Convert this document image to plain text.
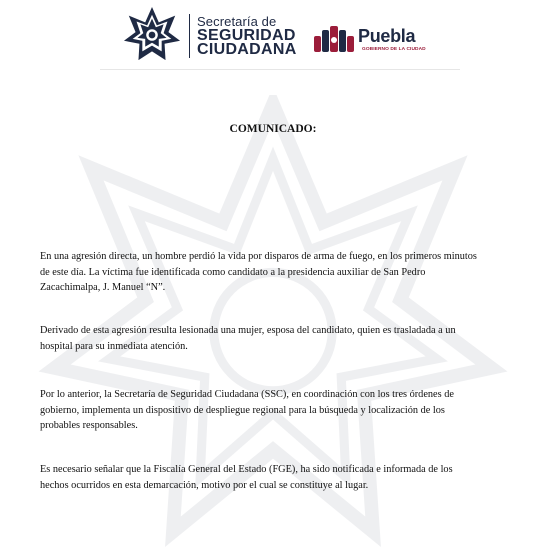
Secretaría de
SEGURIDAD
CIUDADANA
Puebla
GOBIERNO DE LA CIUDAD
COMUNICADO:

En una agresión directa, un hombre perdió la vida por disparos de arma de fuego, en los primeros minutos de este día. La víctima fue identificada como candidato a la presidencia auxiliar de San Pedro Zacachimalpa, J. Manuel “N”.

Derivado de esta agresión resulta lesionada una mujer, esposa del candidato, quien es trasladada a un hospital para su inmediata atención.

Por lo anterior, la Secretaría de Seguridad Ciudadana (SSC), en coordinación con los tres órdenes de gobierno, implementa un dispositivo de despliegue regional para la búsqueda y localización de los probables responsables.

Es necesario señalar que la Fiscalía General del Estado (FGE), ha sido notificada e informada de los hechos ocurridos en esta demarcación, motivo por el cual se constituye al lugar.
